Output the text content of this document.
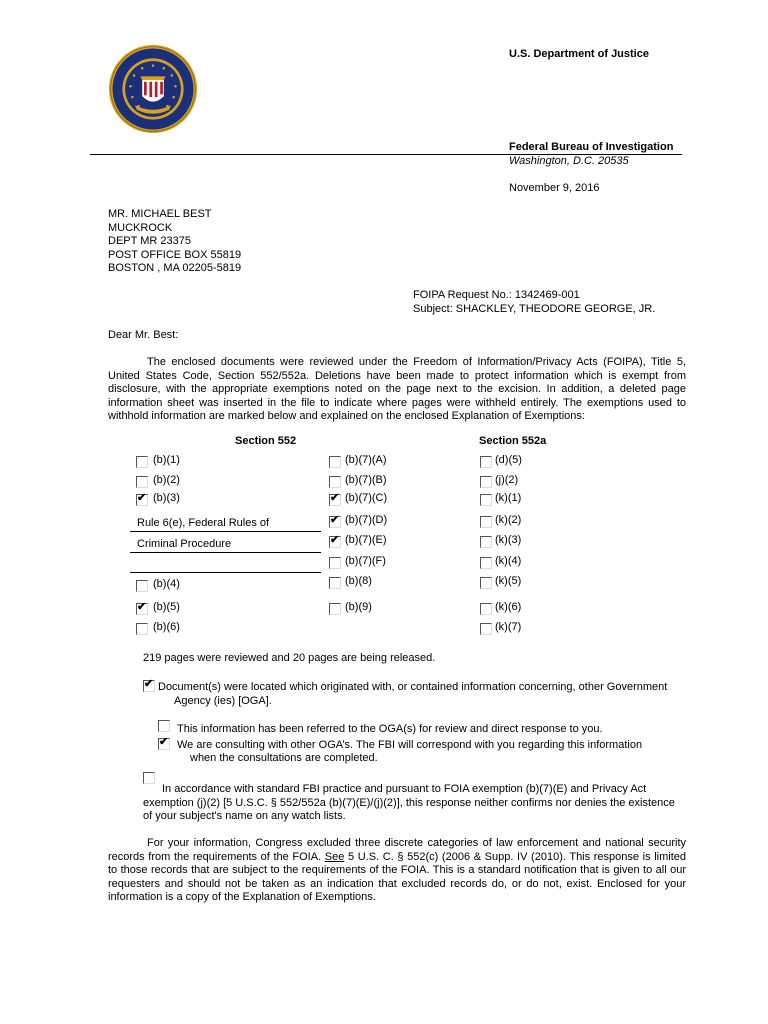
U.S. Department of Justice
Federal Bureau of Investigation
Washington, D.C. 20535
November 9, 2016
MR. MICHAEL BEST
MUCKROCK
DEPT MR 23375
POST OFFICE BOX 55819
BOSTON , MA 02205-5819
FOIPA Request No.: 1342469-001
Subject: SHACKLEY, THEODORE GEORGE, JR.
Dear Mr. Best:
The enclosed documents were reviewed under the Freedom of Information/Privacy Acts (FOIPA), Title 5, United States Code, Section 552/552a. Deletions have been made to protect information which is exempt from disclosure, with the appropriate exemptions noted on the page next to the excision. In addition, a deleted page information sheet was inserted in the file to indicate where pages were withheld entirely. The exemptions used to withhold information are marked below and explained on the enclosed Explanation of Exemptions:
Section 552	Section 552a
(b)(1)
(b)(2)
✔ (b)(3)
Rule 6(e), Federal Rules of
Criminal Procedure
(b)(4)
✔ (b)(5)
(b)(6)
(b)(7)(A)
(b)(7)(B)
✔ (b)(7)(C)
✔ (b)(7)(D)
✔ (b)(7)(E)
(b)(7)(F)
(b)(8)
(b)(9)
(d)(5)
(j)(2)
(k)(1)
(k)(2)
(k)(3)
(k)(4)
(k)(5)
(k)(6)
(k)(7)
219 pages were reviewed and 20 pages are being released.
✔ Document(s) were located which originated with, or contained information concerning, other Government
Agency (ies) [OGA].
This information has been referred to the OGA(s) for review and direct response to you.
✔ We are consulting with other OGA’s. The FBI will correspond with you regarding this information
when the consultations are completed.
In accordance with standard FBI practice and pursuant to FOIA exemption (b)(7)(E) and Privacy Act
exemption (j)(2) [5 U.S.C. § 552/552a (b)(7)(E)/(j)(2)], this response neither confirms nor denies the existence
of your subject's name on any watch lists.
For your information, Congress excluded three discrete categories of law enforcement and national security records from the requirements of the FOIA. See 5 U.S. C. § 552(c) (2006 & Supp. IV (2010). This response is limited to those records that are subject to the requirements of the FOIA. This is a standard notification that is given to all our requesters and should not be taken as an indication that excluded records do, or do not, exist. Enclosed for your information is a copy of the Explanation of Exemptions.
